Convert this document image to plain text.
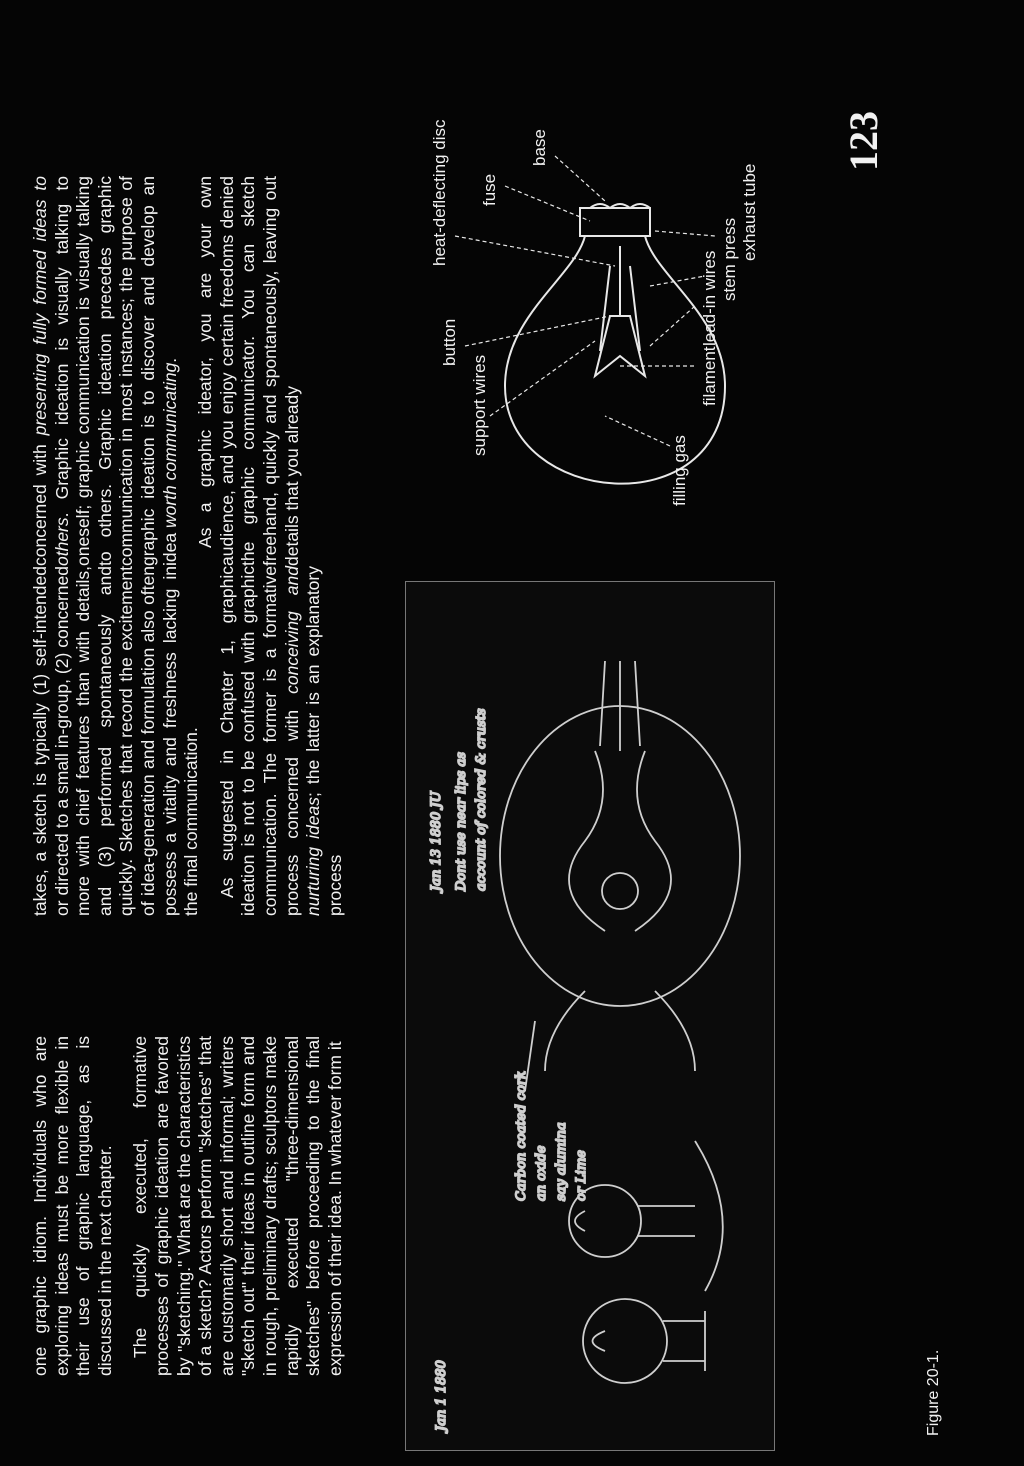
one graphic idiom. Individuals who are exploring ideas must be more flexible in their use of graphic language, as is discussed in the next chapter. The quickly executed, formative processes of graphic ideation are favored by "sketching." What are the characteristics of a sketch? Actors perform "sketches" that are customarily short and informal; writers "sketch out" their ideas in outline form and in rough, preliminary drafts; sculptors make rapidly executed "three-dimensional sketches" before proceeding to the final expression of their idea. In whatever form it

takes, a sketch is typically (1) self-intended or directed to a small in-group, (2) concerned more with chief features than with details, and (3) performed spontaneously and quickly. Sketches that record the excitement of idea-generation and formulation also often possess a vitality and freshness lacking in the final communication. As suggested in Chapter 1, graphic ideation is not to be confused with graphic communication. The former is a formative process concerned with conceiving and nurturing ideas; the latter is an explanatory process

concerned with presenting fully formed ideas to others. Graphic ideation is visually talking to oneself; graphic communication is visually talking to others. Graphic ideation precedes graphic communication in most instances; the purpose of graphic ideation is to discover and develop an idea worth communicating. As a graphic ideator, you are your own audience, and you enjoy certain freedoms denied the graphic communicator. You can sketch freehand, quickly and spontaneously, leaving out details that you already

Jan 1 1880
Carbon coated cork an oxide say alumina or Lime
Jan 13 1880 JU Dont use near lips as account of colored & crusts
support wires
button
heat-deflecting disc fuse
base
filament
filling gas
lead-in wires stem press exhaust tube
Figure 20-1.
123
